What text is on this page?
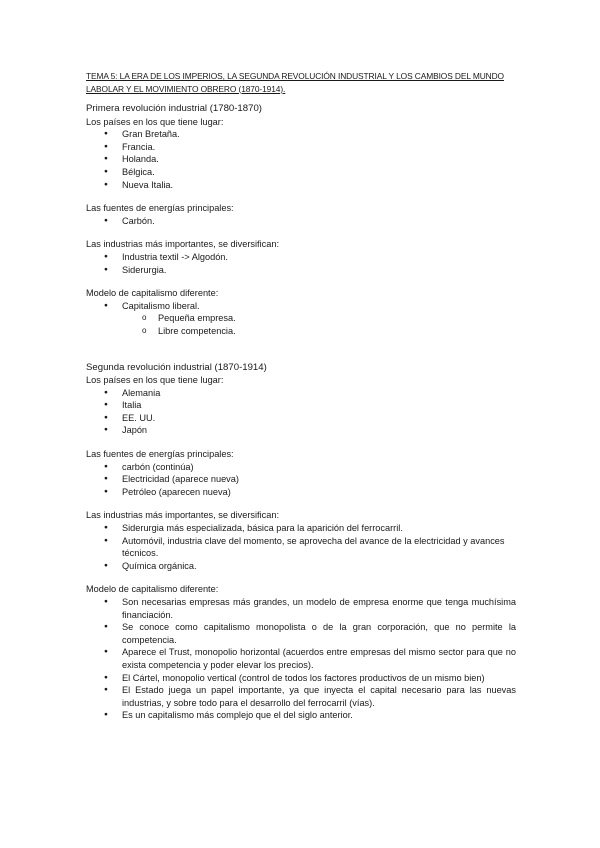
TEMA 5: LA ERA DE LOS IMPERIOS, LA SEGUNDA REVOLUCIÓN INDUSTRIAL Y LOS CAMBIOS DEL MUNDO LABOLAR Y EL MOVIMIENTO OBRERO (1870-1914).

Primera revolución industrial (1780-1870)

Los países en los que tiene lugar:

● Gran Bretaña.
● Francia.
● Holanda.
● Bélgica.
● Nueva Italia.

Las fuentes de energías principales:

● Carbón.

Las industrias más importantes, se diversifican:

● Industria textil -> Algodón.
● Siderurgia.

Modelo de capitalismo diferente:

● Capitalismo liberal.
o Pequeña empresa.
o Libre competencia.

Segunda revolución industrial (1870-1914)

Los países en los que tiene lugar:

● Alemania
● Italia
● EE. UU.
● Japón

Las fuentes de energías principales:

● carbón (continúa)
● Electricidad (aparece nueva)
● Petróleo (aparecen nueva)

Las industrias más importantes, se diversifican:

● Siderurgia más especializada, básica para la aparición del ferrocarril.
● Automóvil, industria clave del momento, se aprovecha del avance de la electricidad y avances técnicos.
● Química orgánica.

Modelo de capitalismo diferente:

● Son necesarias empresas más grandes, un modelo de empresa enorme que tenga muchísima financiación.
● Se conoce como capitalismo monopolista o de la gran corporación, que no permite la competencia.
● Aparece el Trust, monopolio horizontal (acuerdos entre empresas del mismo sector para que no exista competencia y poder elevar los precios).
● El Cártel, monopolio vertical (control de todos los factores productivos de un mismo bien)
● El Estado juega un papel importante, ya que inyecta el capital necesario para las nuevas industrias, y sobre todo para el desarrollo del ferrocarril (vías).
● Es un capitalismo más complejo que el del siglo anterior.
